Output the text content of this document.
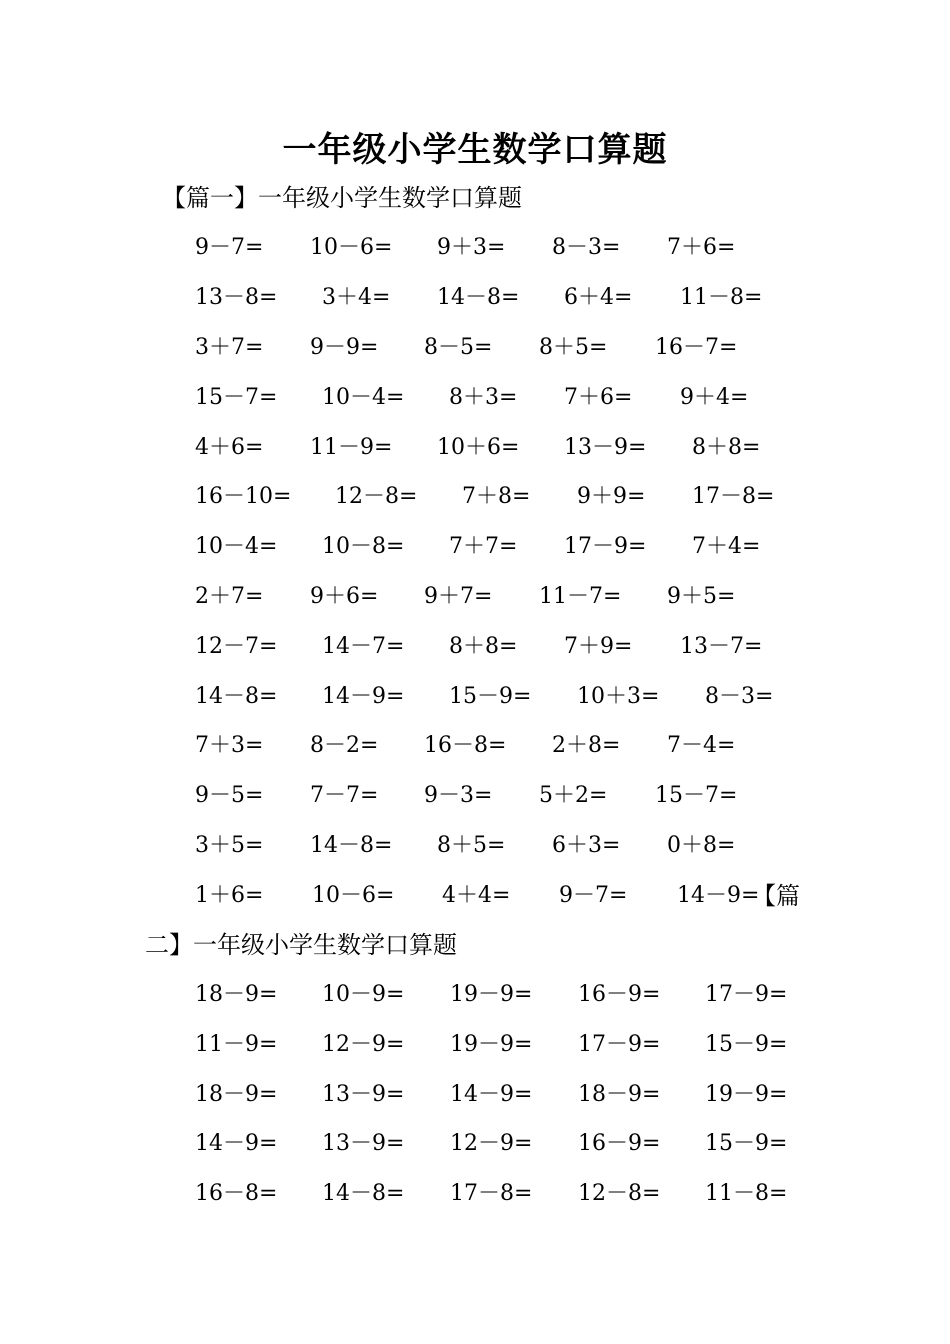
一年级小学生数学口算题
【篇一】一年级小学生数学口算题
9－7= 10－6= 9＋3= 8－3= 7＋6=
13－8= 3＋4= 14－8= 6＋4= 11－8=
3＋7= 9－9= 8－5= 8＋5= 16－7=
15－7= 10－4= 8＋3= 7＋6= 9＋4=
4＋6= 11－9= 10＋6= 13－9= 8＋8=
16－10= 12－8= 7＋8= 9＋9= 17－8=
10－4= 10－8= 7＋7= 17－9= 7＋4=
2＋7= 9＋6= 9＋7= 11－7= 9＋5=
12－7= 14－7= 8＋8= 7＋9= 13－7=
14－8= 14－9= 15－9= 10＋3= 8－3=
7＋3= 8－2= 16－8= 2＋8= 7－4=
9－5= 7－7= 9－3= 5＋2= 15－7=
3＋5= 14－8= 8＋5= 6＋3= 0＋8=
1＋6= 10－6= 4＋4= 9－7= 14－9=
【篇
二】一年级小学生数学口算题
18－9= 10－9= 19－9= 16－9= 17－9=
11－9= 12－9= 19－9= 17－9= 15－9=
18－9= 13－9= 14－9= 18－9= 19－9=
14－9= 13－9= 12－9= 16－9= 15－9=
16－8= 14－8= 17－8= 12－8= 11－8=
